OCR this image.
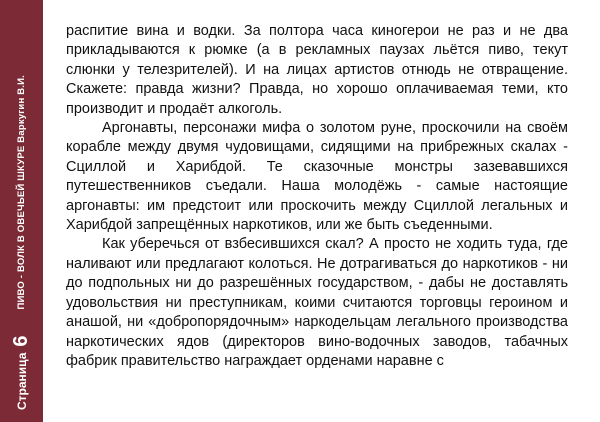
Страница
6
ПИВО - ВОЛК В ОВЕЧЬЕЙ ШКУРЕ Варкугин В.И.

распитие вина и водки. За полтора часа киногерои не раз и не два прикладываются к рюмке (а в рекламных паузах льётся пиво, текут слюнки у телезрителей). И на лицах артистов отнюдь не отвращение. Скажете: правда жизни? Правда, но хорошо оплачиваемая теми, кто производит и продаёт алкоголь.

Аргонавты, персонажи мифа о золотом руне, проскочили на своём корабле между двумя чудовищами, сидящими на прибрежных скалах - Сциллой и Харибдой. Те сказочные монстры зазевавшихся путешественников съедали. Наша молодёжь - самые настоящие аргонавты: им предстоит или проскочить между Сциллой легальных и Харибдой запрещённых наркотиков, или же быть съеденными.

Как уберечься от взбесившихся скал? А просто не ходить туда, где наливают или предлагают колоться. Не дотрагиваться до наркотиков - ни до подпольных ни до разрешённых государством, - дабы не доставлять удовольствия ни преступникам, коими считаются торговцы героином и анашой, ни «добропорядочным» наркодельцам легального производства наркотических ядов (директоров вино-водочных заводов, табачных фабрик правительство награждает орденами наравне с
